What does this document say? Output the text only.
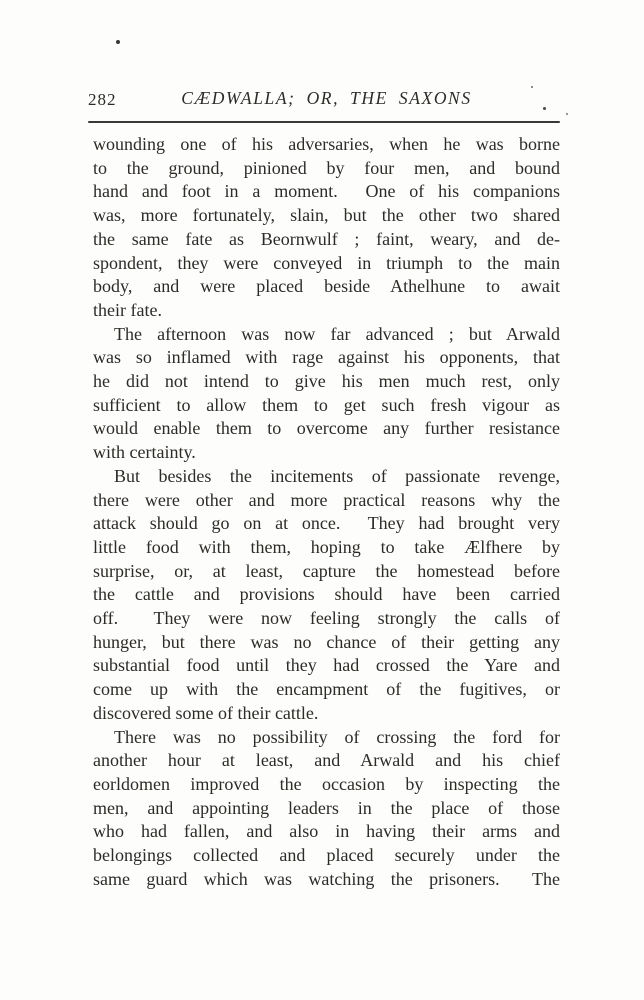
282	CÆDWALLA; OR, THE SAXONS
wounding one of his adversaries, when he was borne
to the ground, pinioned by four men, and bound
hand and foot in a moment.  One of his companions
was, more fortunately, slain, but the other two shared
the same fate as Beornwulf ; faint, weary, and de-
spondent, they were conveyed in triumph to the main
body, and were placed beside Athelhune to await
their fate.
The afternoon was now far advanced ; but Arwald
was so inflamed with rage against his opponents, that
he did not intend to give his men much rest, only
sufficient to allow them to get such fresh vigour as
would enable them to overcome any further resistance
with certainty.
But besides the incitements of passionate revenge,
there were other and more practical reasons why the
attack should go on at once.  They had brought very
little food with them, hoping to take Ælfhere by
surprise, or, at least, capture the homestead before
the cattle and provisions should have been carried
off.  They were now feeling strongly the calls of
hunger, but there was no chance of their getting any
substantial food until they had crossed the Yare and
come up with the encampment of the fugitives, or
discovered some of their cattle.
There was no possibility of crossing the ford for
another hour at least, and Arwald and his chief
eorldomen improved the occasion by inspecting the
men, and appointing leaders in the place of those
who had fallen, and also in having their arms and
belongings collected and placed securely under the
same guard which was watching the prisoners.  The
